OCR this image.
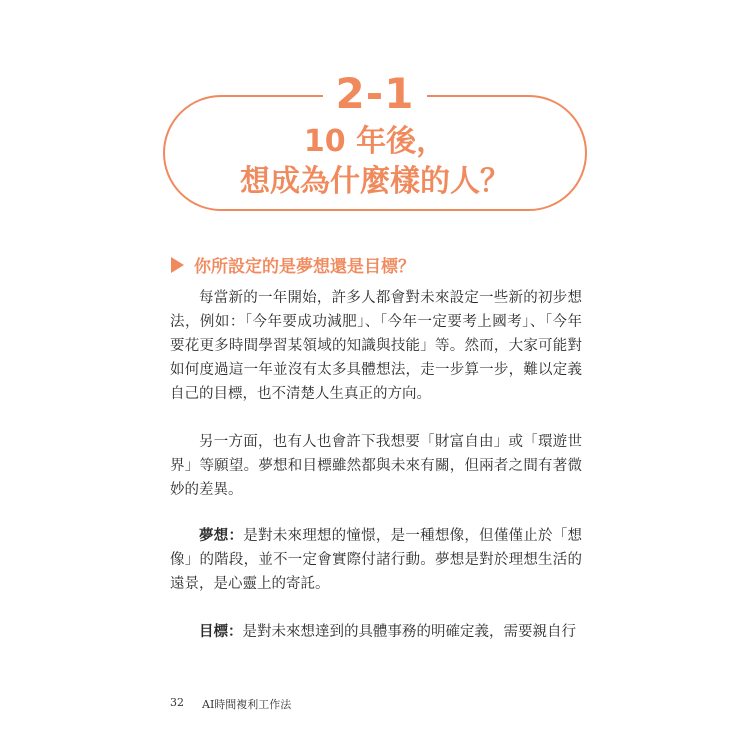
2-1
10 年後，
想成為什麼樣的人？
你所設定的是夢想還是目標？

每當新的一年開始，許多人都會對未來設定一些新的初步想法，例如：「今年要成功減肥」、「今年一定要考上國考」、「今年要花更多時間學習某領域的知識與技能」等。然而，大家可能對如何度過這一年並沒有太多具體想法，走一步算一步，難以定義自己的目標，也不清楚人生真正的方向。

另一方面，也有人也會許下我想要「財富自由」或「環遊世界」等願望。夢想和目標雖然都與未來有關，但兩者之間有著微妙的差異。

夢想：是對未來理想的憧憬，是一種想像，但僅僅止於「想像」的階段，並不一定會實際付諸行動。夢想是對於理想生活的遠景，是心靈上的寄託。

目標：是對未來想達到的具體事務的明確定義，需要親自行

32 AI時間複利工作法
